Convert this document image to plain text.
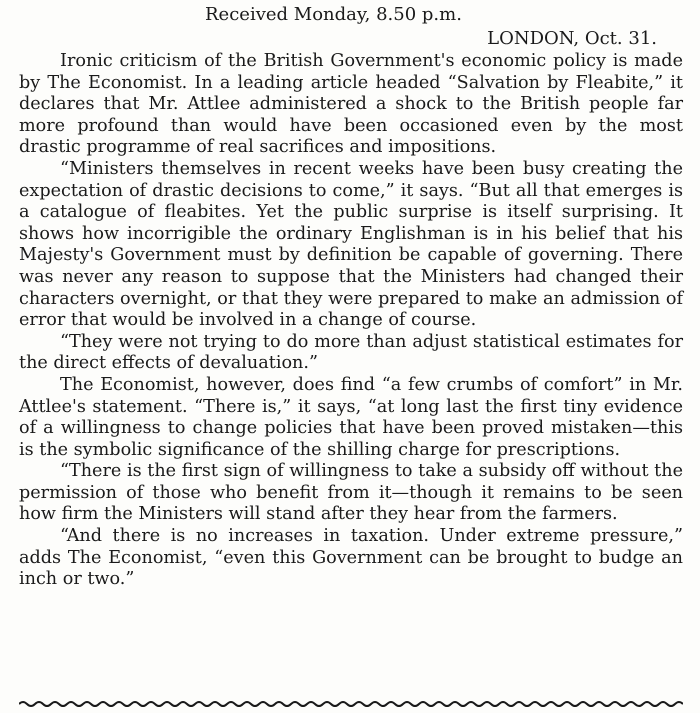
Received Monday, 8.50 p.m.
LONDON, Oct. 31.

Ironic criticism of the British Government's economic policy is made by The Economist. In a leading article headed “Salvation by Fleabite,” it declares that Mr. Attlee administered a shock to the British people far more profound than would have been occasioned even by the most drastic programme of real sacrifices and impositions.

“Ministers themselves in recent weeks have been busy creating the expectation of drastic decisions to come,” it says. “But all that emerges is a catalogue of fleabites. Yet the public surprise is itself surprising. It shows how incorrigible the ordinary Englishman is in his belief that his Majesty's Government must by definition be capable of governing. There was never any reason to suppose that the Ministers had changed their characters overnight, or that they were prepared to make an admission of error that would be involved in a change of course.

“They were not trying to do more than adjust statistical estimates for the direct effects of devaluation.”

The Economist, however, does find “a few crumbs of comfort” in Mr. Attlee's statement. “There is,” it says, “at long last the first tiny evidence of a willingness to change policies that have been proved mistaken—this is the symbolic significance of the shilling charge for prescriptions.

“There is the first sign of willingness to take a subsidy off without the permission of those who benefit from it—though it remains to be seen how firm the Ministers will stand after they hear from the farmers.

“And there is no increases in taxation. Under extreme pressure,” adds The Economist, “even this Government can be brought to budge an inch or two.”
